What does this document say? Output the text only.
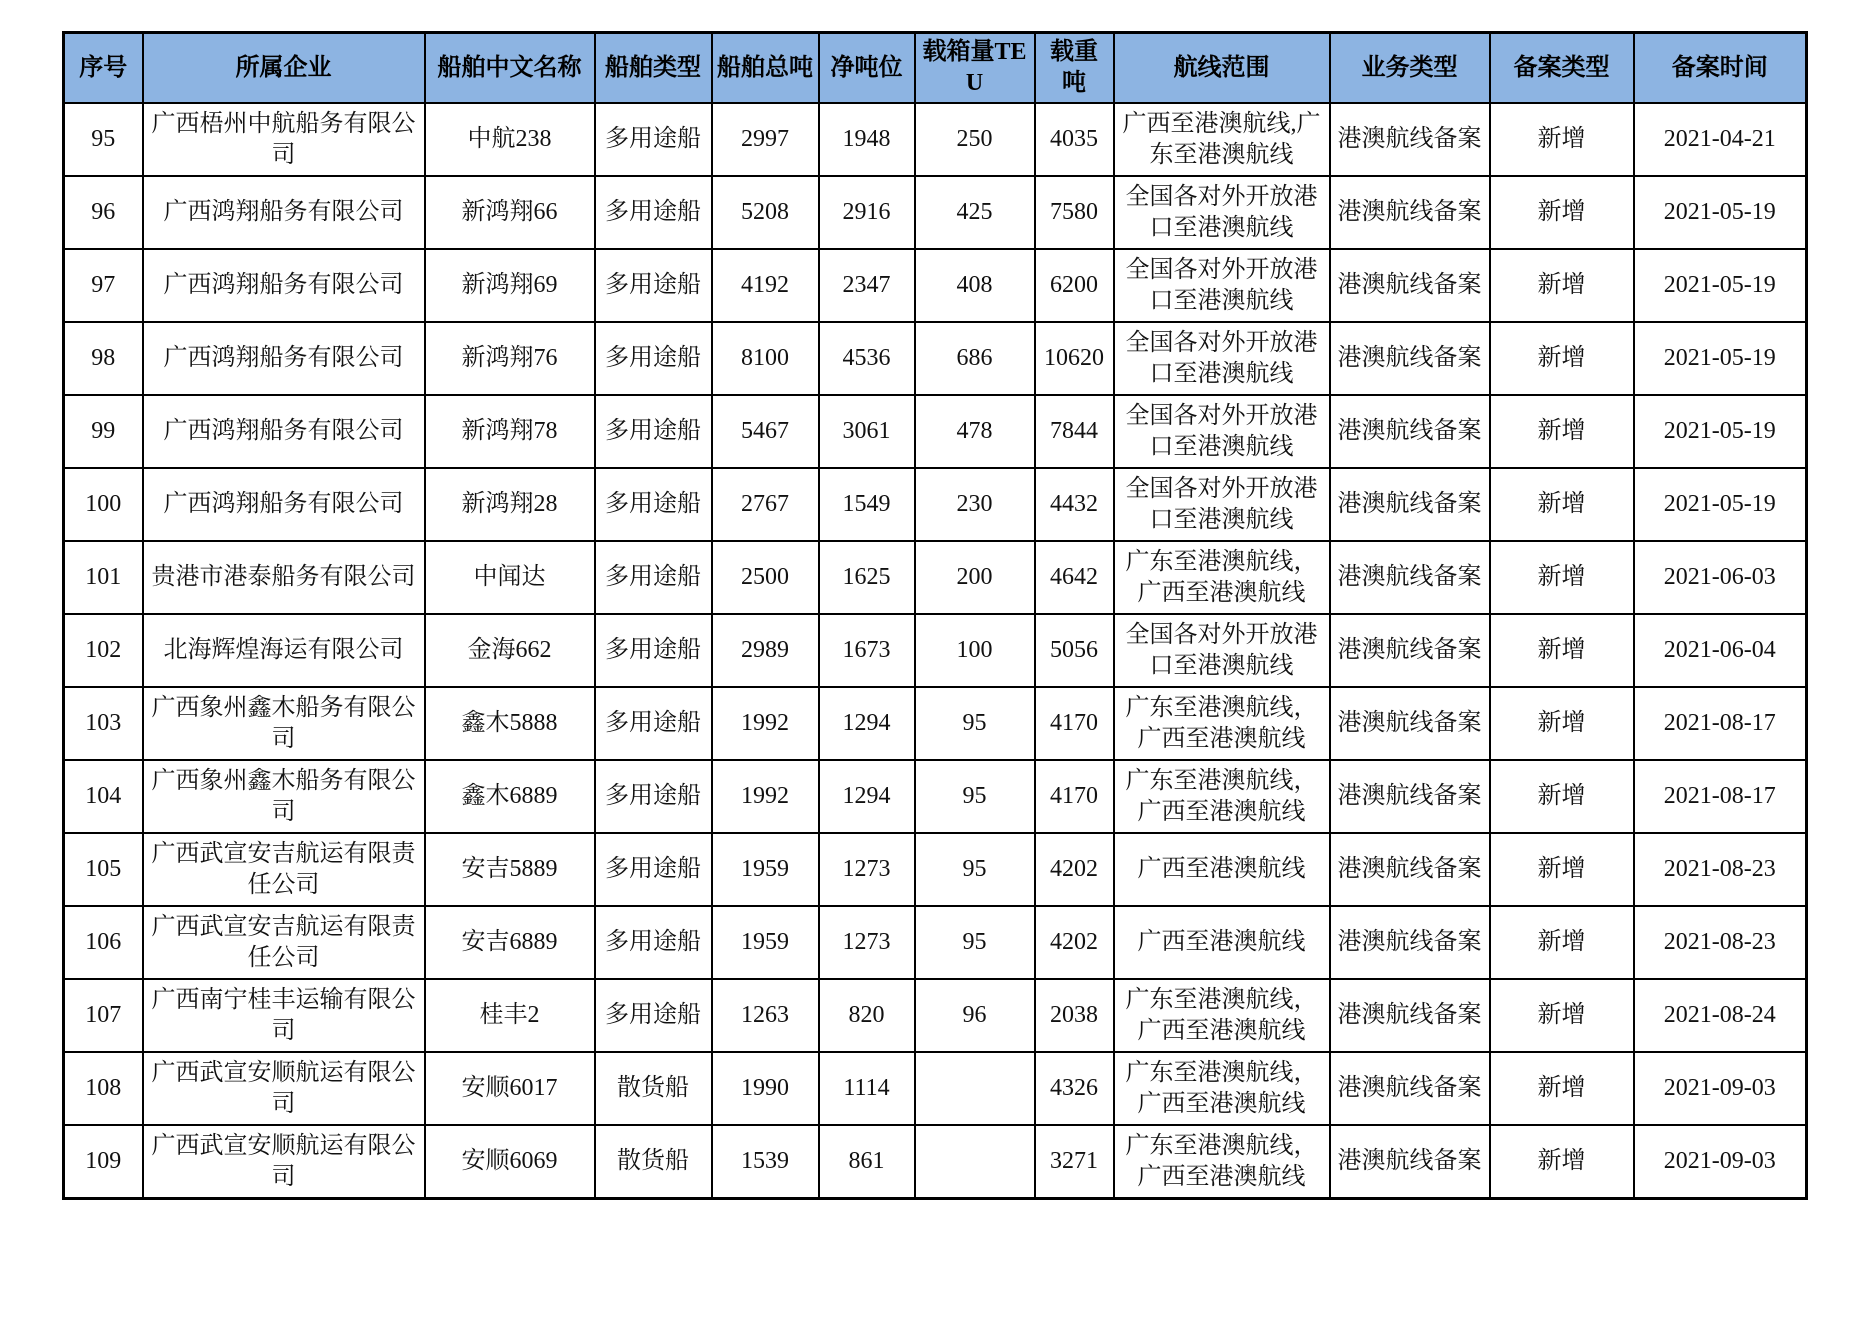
序号	所属企业	船舶中文名称	船舶类型	船舶总吨	净吨位	载箱量TEU	载重吨	航线范围	业务类型	备案类型	备案时间
95	广西梧州中航船务有限公司	中航238	多用途船	2997	1948	250	4035	广西至港澳航线,广东至港澳航线	港澳航线备案	新增	2021-04-21
96	广西鸿翔船务有限公司	新鸿翔66	多用途船	5208	2916	425	7580	全国各对外开放港口至港澳航线	港澳航线备案	新增	2021-05-19
97	广西鸿翔船务有限公司	新鸿翔69	多用途船	4192	2347	408	6200	全国各对外开放港口至港澳航线	港澳航线备案	新增	2021-05-19
98	广西鸿翔船务有限公司	新鸿翔76	多用途船	8100	4536	686	10620	全国各对外开放港口至港澳航线	港澳航线备案	新增	2021-05-19
99	广西鸿翔船务有限公司	新鸿翔78	多用途船	5467	3061	478	7844	全国各对外开放港口至港澳航线	港澳航线备案	新增	2021-05-19
100	广西鸿翔船务有限公司	新鸿翔28	多用途船	2767	1549	230	4432	全国各对外开放港口至港澳航线	港澳航线备案	新增	2021-05-19
101	贵港市港泰船务有限公司	中闻达	多用途船	2500	1625	200	4642	广东至港澳航线，广西至港澳航线	港澳航线备案	新增	2021-06-03
102	北海辉煌海运有限公司	金海662	多用途船	2989	1673	100	5056	全国各对外开放港口至港澳航线	港澳航线备案	新增	2021-06-04
103	广西象州鑫木船务有限公司	鑫木5888	多用途船	1992	1294	95	4170	广东至港澳航线，广西至港澳航线	港澳航线备案	新增	2021-08-17
104	广西象州鑫木船务有限公司	鑫木6889	多用途船	1992	1294	95	4170	广东至港澳航线，广西至港澳航线	港澳航线备案	新增	2021-08-17
105	广西武宣安吉航运有限责任公司	安吉5889	多用途船	1959	1273	95	4202	广西至港澳航线	港澳航线备案	新增	2021-08-23
106	广西武宣安吉航运有限责任公司	安吉6889	多用途船	1959	1273	95	4202	广西至港澳航线	港澳航线备案	新增	2021-08-23
107	广西南宁桂丰运输有限公司	桂丰2	多用途船	1263	820	96	2038	广东至港澳航线，广西至港澳航线	港澳航线备案	新增	2021-08-24
108	广西武宣安顺航运有限公司	安顺6017	散货船	1990	1114		4326	广东至港澳航线，广西至港澳航线	港澳航线备案	新增	2021-09-03
109	广西武宣安顺航运有限公司	安顺6069	散货船	1539	861		3271	广东至港澳航线，广西至港澳航线	港澳航线备案	新增	2021-09-03
